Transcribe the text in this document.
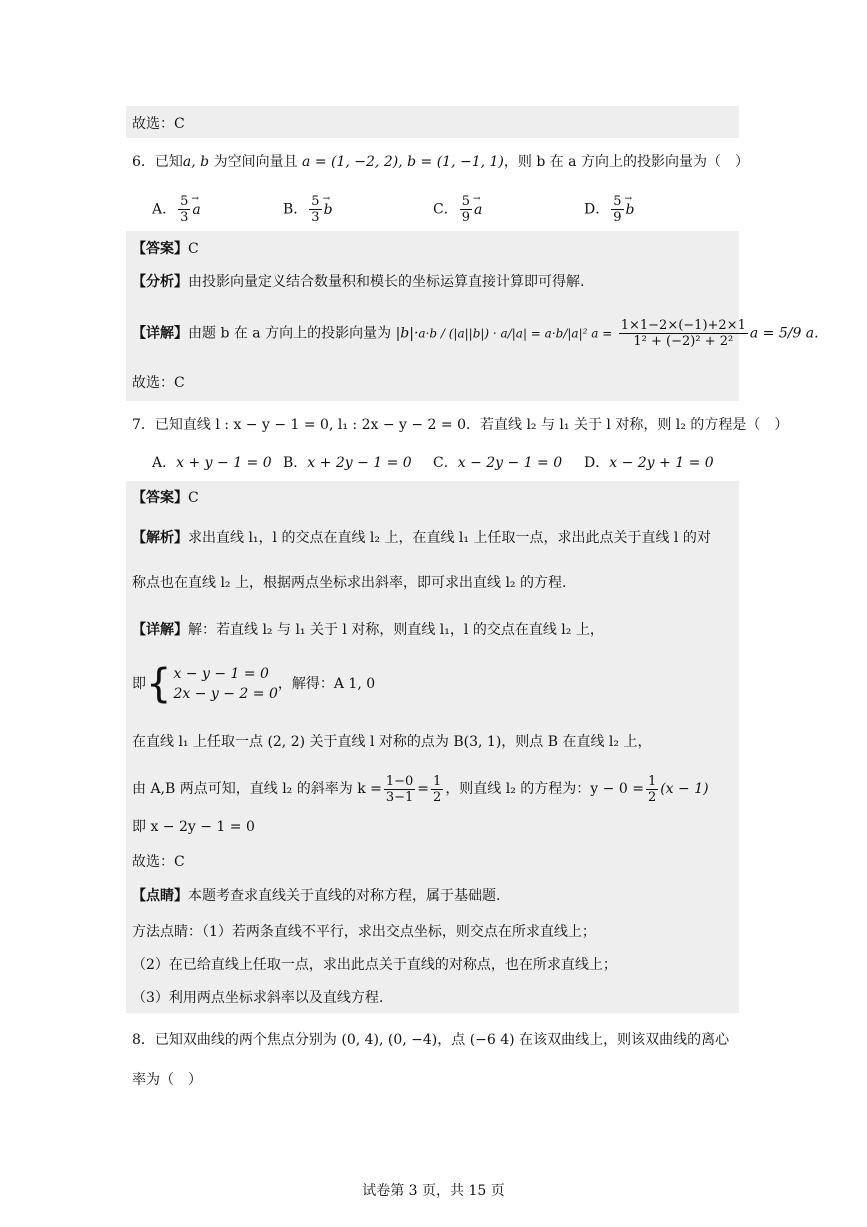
故选：C
6．已知a, b 为空间向量且 a = (1, −2, 2), b = (1, −1, 1)，则 b 在 a 方向上的投影向量为（　）
A． $\frac{5}{3}$
→ a	B． $\frac{5}{3}$
→ b	C． $\frac{5}{9}$
→ a	D． $\frac{5}{9}$
→ b
【答案】C
【分析】由投影向量定义结合数量积和模长的坐标运算直接计算即可得解.
【详解】由题 b 在 a 方向上的投影向量为 |b|·a·b / (|a||b|) · a/|a| = a·b/|a|² $a = \frac{1\times 1-2\times(-1)+2\times 1}{\text{1² + (−2)² + 2²}}$ a = 5/9 a.
故选：C
7．已知直线 l : x − y − 1 = 0, l₁ : 2x − y − 2 = 0．若直线 l₂ 与 l₁ 关于 l 对称，则 l₂ 的方程是（　）
A．x + y − 1 = 0 B．x + 2y − 1 = 0 C．x − 2y − 1 = 0 D．x − 2y + 1 = 0
【答案】C
【解析】求出直线 l₁，l 的交点在直线 l₂ 上，在直线 l₁ 上任取一点，求出此点关于直线 l 的对
称点也在直线 l₂ 上，根据两点坐标求出斜率，即可求出直线 l₂ 的方程.
【详解】解：若直线 l₂ 与 l₁ 关于 l 对称，则直线 l₁，l 的交点在直线 l₂ 上，
即 { x − y − 1 = 0
2x − y − 2 = 0
，解得：A 1, 0
在直线 l₁ 上任取一点 (2, 2) 关于直线 l 对称的点为 B(3, 1)，则点 B 在直线 l₂ 上，
由 A,B 两点可知，直线 l₂ 的斜率为 $k = \frac{1-0}{3-1} = \frac{1}{2}$ ，则直线 l₂ 的方程为：$y - 0 = \frac{1}{2} (x - 1)$
即 x − 2y − 1 = 0
故选：C
【点睛】本题考查求直线关于直线的对称方程，属于基础题.
方法点睛：（1）若两条直线不平行，求出交点坐标，则交点在所求直线上；
（2）在已给直线上任取一点，求出此点关于直线的对称点，也在所求直线上；
（3）利用两点坐标求斜率以及直线方程.
8．已知双曲线的两个焦点分别为 (0, 4), (0, −4)，点 (−6 4) 在该双曲线上，则该双曲线的离心
率为（　）
试卷第 3 页，共 15 页
